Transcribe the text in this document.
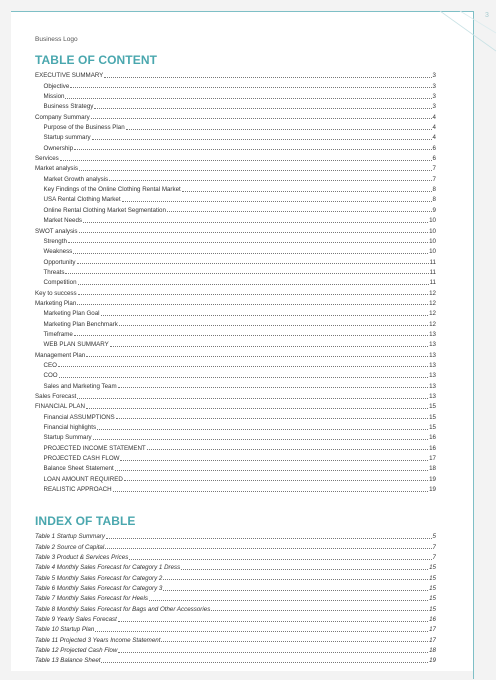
3
Business Logo
TABLE OF CONTENT
EXECUTIVE SUMMARY	3
Objective	3
Mission	3
Business Strategy	3
Company Summary	4
Purpose of the Business Plan	4
Startup summary	4
Ownership	6
Services	6
Market analysis	7
Market Growth analysis	7
Key Findings of the Online Clothing Rental Market	8
USA Rental Clothing Market	8
Online Rental Clothing Market Segmentation	9
Market Needs	10
SWOT analysis	10
Strength	10
Weakness	10
Opportunity	11
Threats	11
Competition	11
Key to success	12
Marketing Plan	12
Marketing Plan Goal	12
Marketing Plan Benchmark	12
Timeframe	13
WEB PLAN SUMMARY	13
Management Plan	13
CEO	13
COO	13
Sales and Marketing Team	13
Sales Forecast	13
FINANCIAL PLAN	15
Financial ASSUMPTIONS	15
Financial highlights	15
Startup Summary	16
PROJECTED INCOME STATEMENT	16
PROJECTED CASH FLOW	17
Balance Sheet Statement	18
LOAN AMOUNT REQUIRED	19
REALISTIC APPROACH	19
INDEX OF TABLE
Table 1 Startup Summary	5
Table 2 Source of Capital	7
Table 3 Product & Services Prices	7
Table 4 Monthly Sales Forecast for Category 1 Dress	15
Table 5 Monthly Sales Forecast for Category 2	15
Table 6 Monthly Sales Forecast for Category 3	15
Table 7 Monthly Sales Forecast for Heels	15
Table 8 Monthly Sales Forecast for Bags and Other Accessories	15
Table 9 Yearly Sales Forecast	16
Table 10 Startup Plan	17
Table 11 Projected 3 Years Income Statement	17
Table 12 Projected Cash Flow	18
Table 13 Balance Sheet	19
